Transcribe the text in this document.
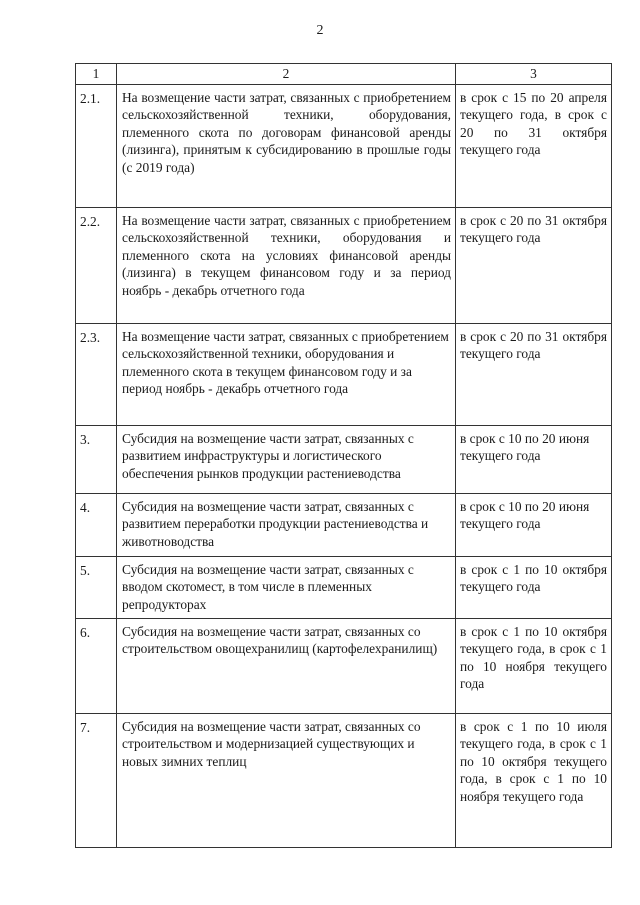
2
1	2	3
2.1.	На возмещение части затрат, связанных с приобретением сельскохозяйственной техники, оборудования, племенного скота по договорам финансовой аренды (лизинга), принятым к субсидированию в прошлые годы (с 2019 года)	в срок с 15 по 20 апреля текущего года, в срок с 20 по 31 октября текущего года
2.2.	На возмещение части затрат, связанных с приобретением сельскохозяйственной техники, оборудования и племенного скота на условиях финансовой аренды (лизинга) в текущем финансовом году и за период ноябрь - декабрь отчетного года	в срок с 20 по 31 октября текущего года
2.3.	На возмещение части затрат, связанных с приобретением сельскохозяйственной техники, оборудования и племенного скота в текущем финансовом году и за период ноябрь - декабрь отчетного года	в срок с 20 по 31 октября текущего года
3.	Субсидия на возмещение части затрат, связанных с развитием инфраструктуры и логистического обеспечения рынков продукции растениеводства	в срок с 10 по 20 июня текущего года
4.	Субсидия на возмещение части затрат, связанных с развитием переработки продукции растениеводства и животноводства	в срок с 10 по 20 июня текущего года
5.	Субсидия на возмещение части затрат, связанных с вводом скотомест, в том числе в племенных репродукторах	в срок с 1 по 10 октября текущего года
6.	Субсидия на возмещение части затрат, связанных со строительством овощехранилищ (картофелехранилищ)	в срок с 1 по 10 октября текущего года, в срок с 1 по 10 ноября текущего года
7.	Субсидия на возмещение части затрат, связанных со строительством и модернизацией существующих и новых зимних теплиц	в срок с 1 по 10 июля текущего года, в срок с 1 по 10 октября текущего года, в срок с 1 по 10 ноября текущего года
